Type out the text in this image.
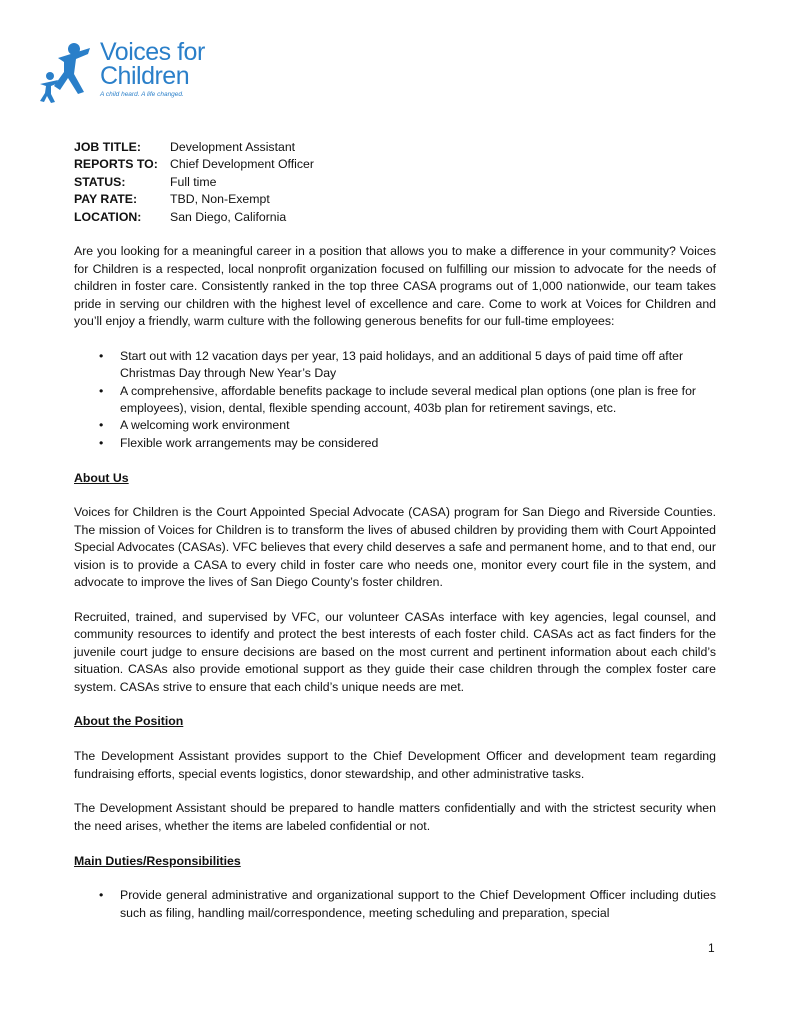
Voices for
Children
A child heard. A life changed.
JOB TITLE:	Development Assistant
REPORTS TO: Chief Development Officer
STATUS:	Full time
PAY RATE:	TBD, Non-Exempt
LOCATION:	San Diego, California

Are you looking for a meaningful career in a position that allows you to make a difference in your community? Voices for Children is a respected, local nonprofit organization focused on fulfilling our mission to advocate for the needs of children in foster care. Consistently ranked in the top three CASA programs out of 1,000 nationwide, our team takes pride in serving our children with the highest level of excellence and care. Come to work at Voices for Children and you’ll enjoy a friendly, warm culture with the following generous benefits for our full-time employees:

• Start out with 12 vacation days per year, 13 paid holidays, and an additional 5 days of paid time off after Christmas Day through New Year’s Day
• A comprehensive, affordable benefits package to include several medical plan options (one plan is free for employees), vision, dental, flexible spending account, 403b plan for retirement savings, etc.
• A welcoming work environment
• Flexible work arrangements may be considered

About Us

Voices for Children is the Court Appointed Special Advocate (CASA) program for San Diego and Riverside Counties. The mission of Voices for Children is to transform the lives of abused children by providing them with Court Appointed Special Advocates (CASAs). VFC believes that every child deserves a safe and permanent home, and to that end, our vision is to provide a CASA to every child in foster care who needs one, monitor every court file in the system, and advocate to improve the lives of San Diego County’s foster children.

Recruited, trained, and supervised by VFC, our volunteer CASAs interface with key agencies, legal counsel, and community resources to identify and protect the best interests of each foster child. CASAs act as fact finders for the juvenile court judge to ensure decisions are based on the most current and pertinent information about each child’s situation. CASAs also provide emotional support as they guide their case children through the complex foster care system. CASAs strive to ensure that each child’s unique needs are met.

About the Position

The Development Assistant provides support to the Chief Development Officer and development team regarding fundraising efforts, special events logistics, donor stewardship, and other administrative tasks.

The Development Assistant should be prepared to handle matters confidentially and with the strictest security when the need arises, whether the items are labeled confidential or not.

Main Duties/Responsibilities

• Provide general administrative and organizational support to the Chief Development Officer including duties such as filing, handling mail/correspondence, meeting scheduling and preparation, special
1
